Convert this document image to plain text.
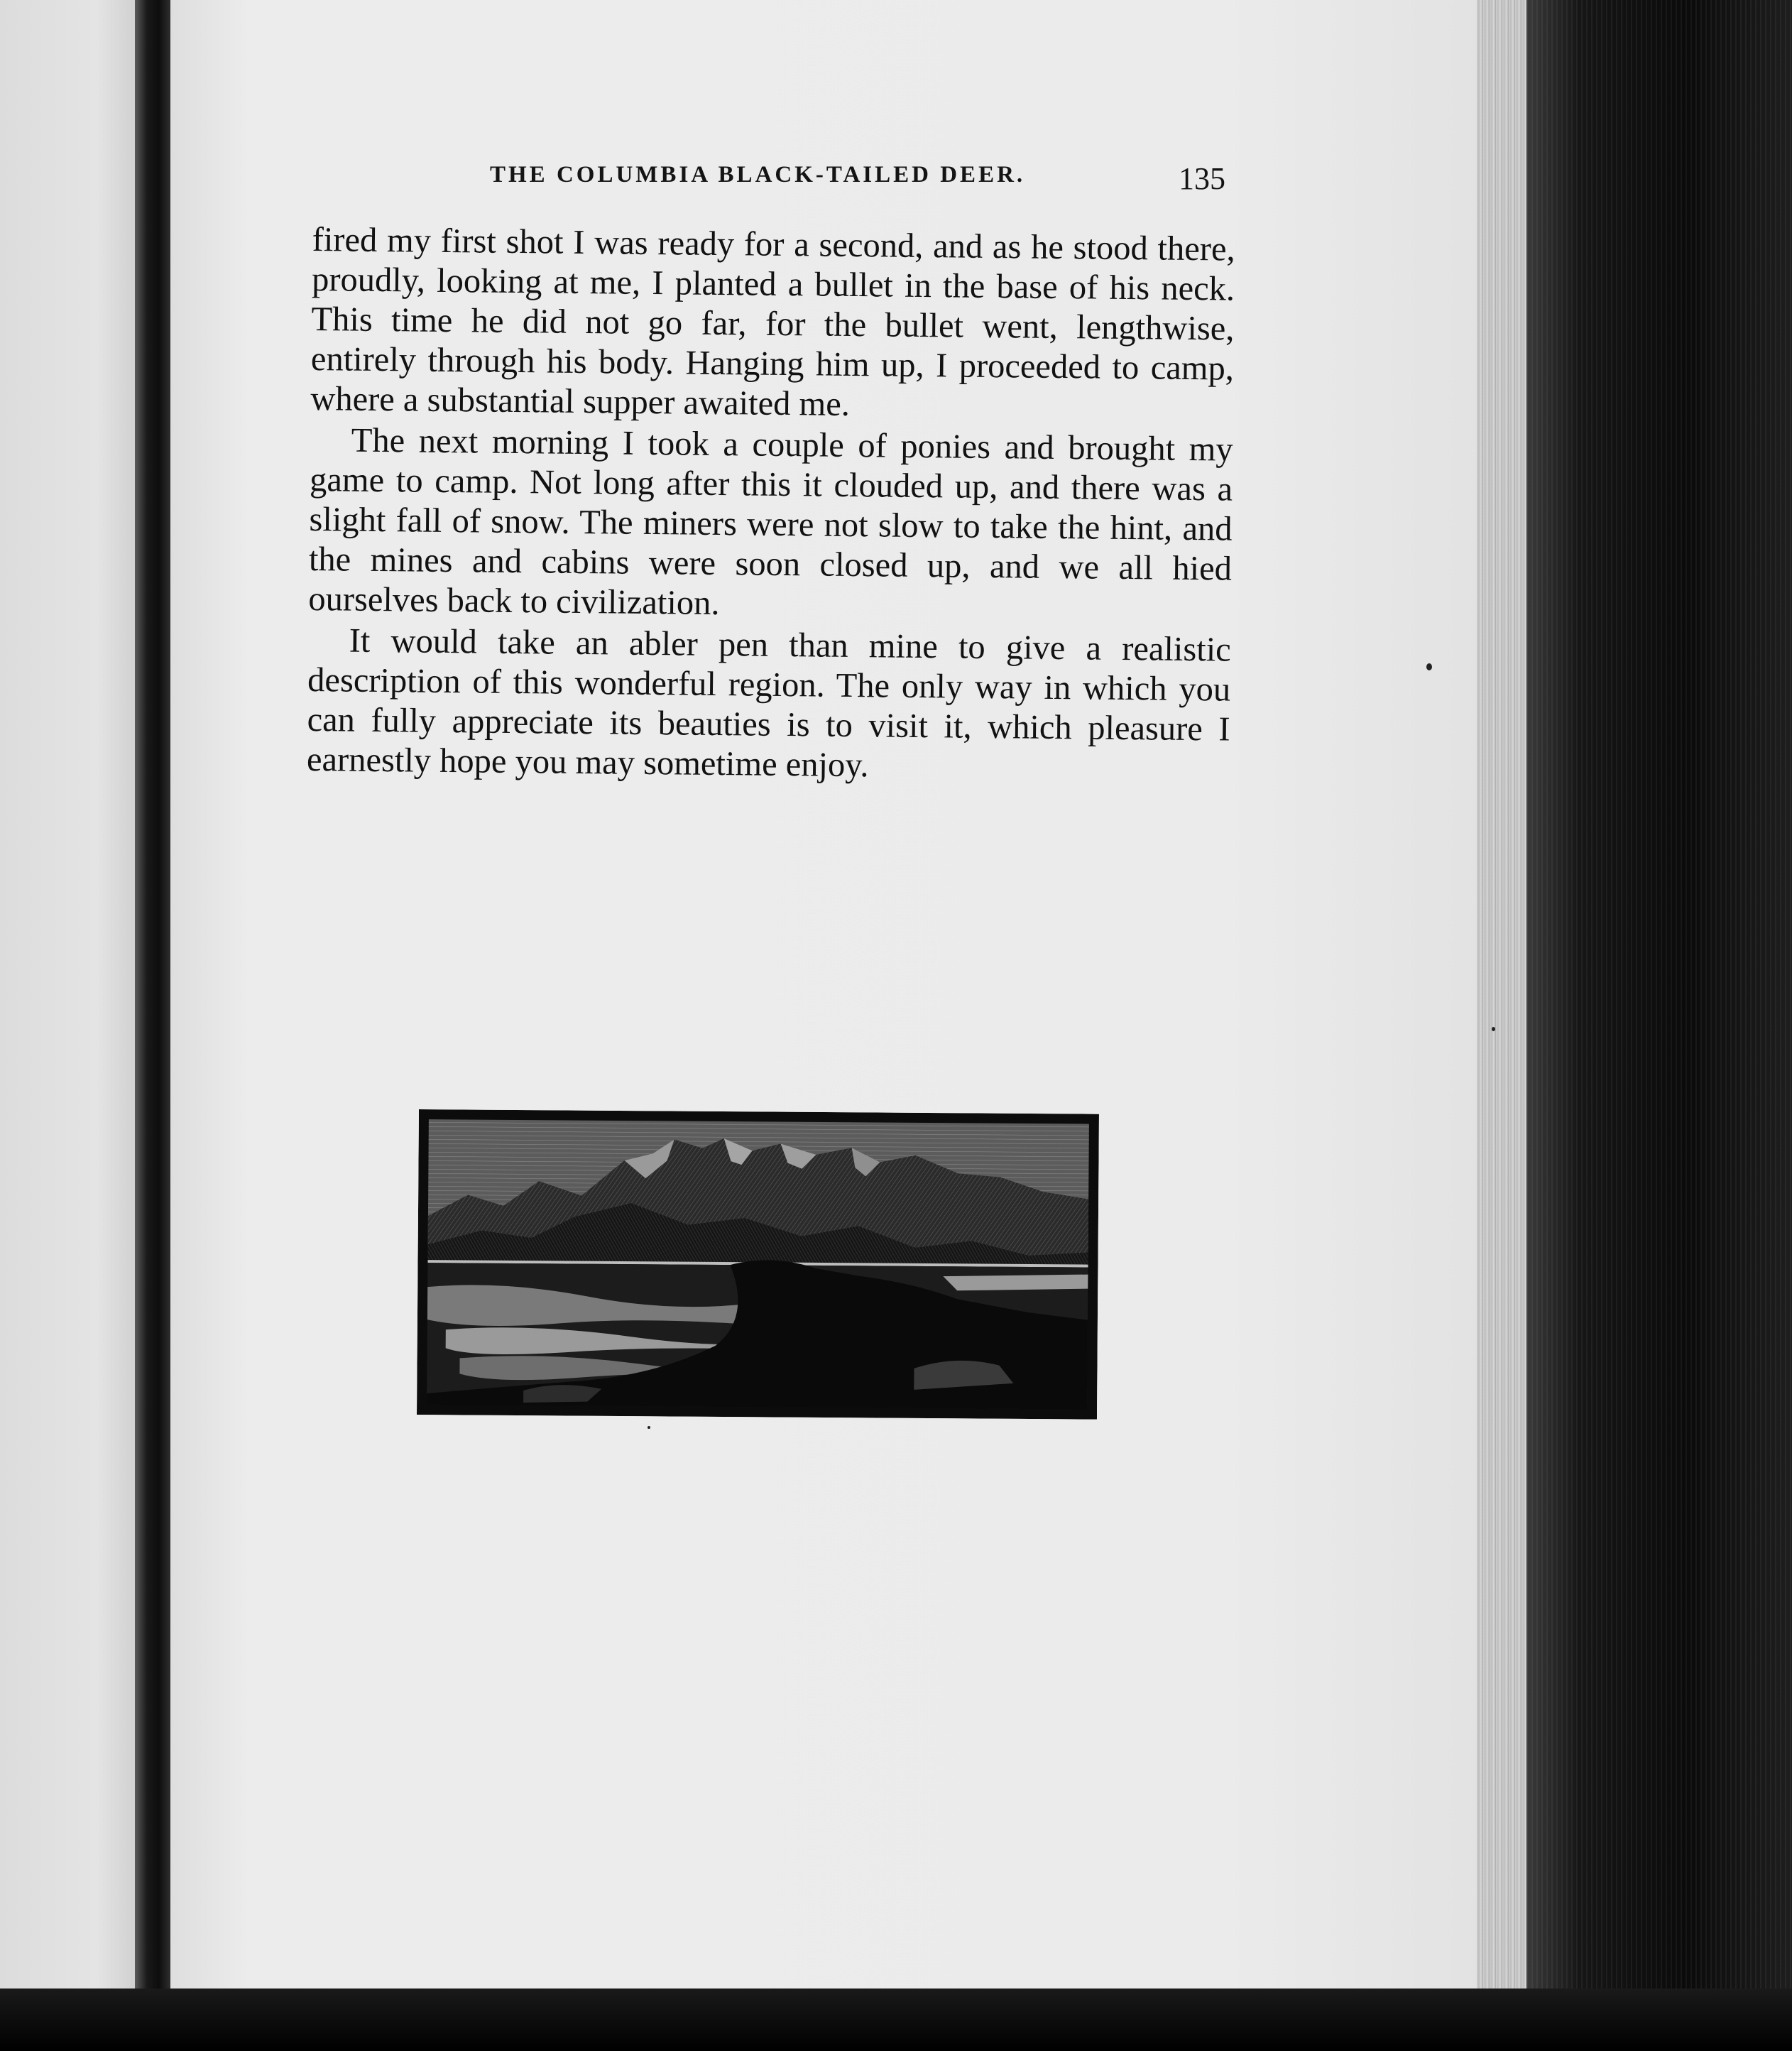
THE COLUMBIA BLACK-TAILED DEER.	135

fired my first shot I was ready for a second, and as he stood there, proudly, looking at me, I planted a bullet in the base of his neck. This time he did not go far, for the bullet went, lengthwise, entirely through his body. Hanging him up, I proceeded to camp, where a substantial supper awaited me.

The next morning I took a couple of ponies and brought my game to camp. Not long after this it clouded up, and there was a slight fall of snow. The miners were not slow to take the hint, and the mines and cabins were soon closed up, and we all hied ourselves back to civilization.

It would take an abler pen than mine to give a realistic description of this wonderful region. The only way in which you can fully appreciate its beauties is to visit it, which pleasure I earnestly hope you may sometime enjoy.
